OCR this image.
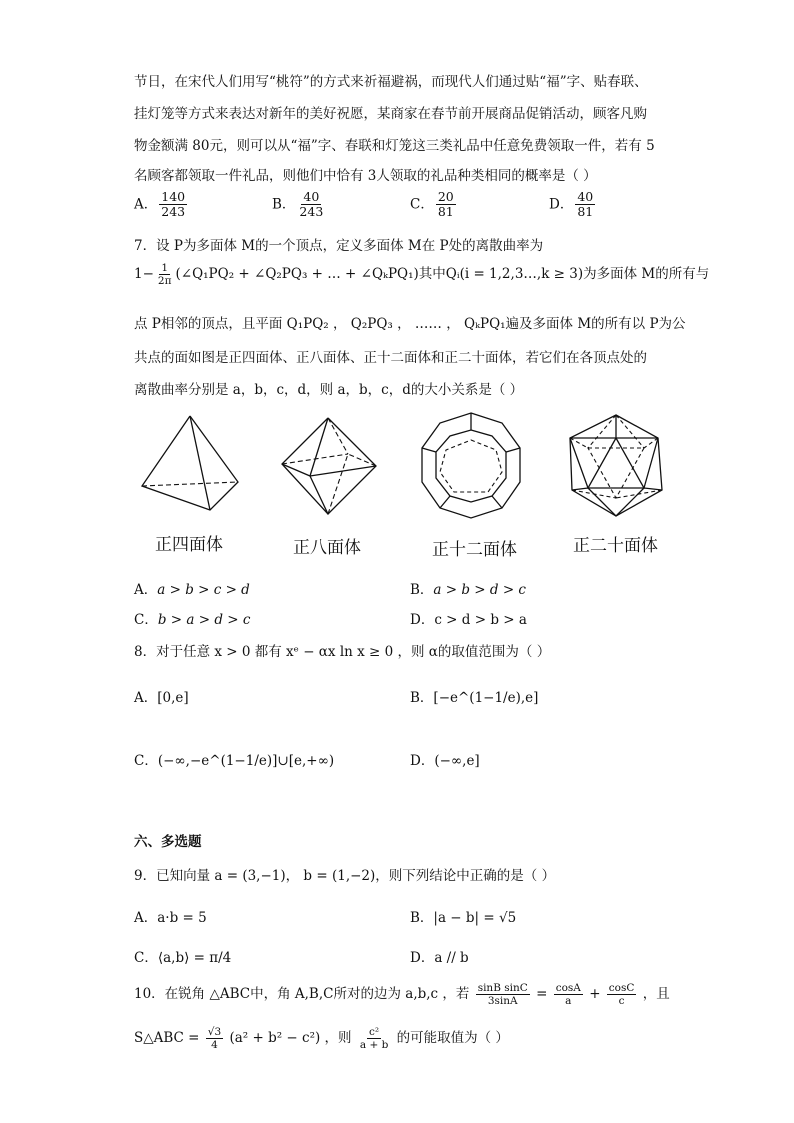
节日，在宋代人们用写“桃符”的方式来祈福避祸，而现代人们通过贴“福”字、贴春联、
挂灯笼等方式来表达对新年的美好祝愿，某商家在春节前开展商品促销活动，顾客凡购
物金额满 80元，则可以从“福”字、春联和灯笼这三类礼品中任意免费领取一件，若有 5
名顾客都领取一件礼品，则他们中恰有 3人领取的礼品种类相同的概率是（ ）
A． $\frac{140}{243}$	B． $\frac{40}{243}$	C． $\frac{20}{81}$	D． $\frac{40}{81}$
7．设 P为多面体 M的一个顶点，定义多面体 M在 P处的离散曲率为
$1- \frac{1}{2\pi}$ (∠Q₁PQ₂ + ∠Q₂PQ₃ + … + ∠QₖPQ₁)其中Qᵢ(i = 1,2,3…,k ≥ 3)为多面体 M的所有与
点 P相邻的顶点，且平面 Q₁PQ₂ ， Q₂PQ₃ ， …… ， QₖPQ₁遍及多面体 M的所有以 P为公
共点的面如图是正四面体、正八面体、正十二面体和正二十面体，若它们在各顶点处的
离散曲率分别是 a，b，c，d，则 a，b，c，d的大小关系是（ ）
正四面体	正八面体	正十二面体	正二十面体
A．a > b > c > d	B．a > b > d > c
C．b > a > d > c	D．c > d > b > a
8．对于任意 x > 0 都有 xᵉ − αx ln x ≥ 0 ，则 α的取值范围为（ ）
A．[0,e]	B．[−e^(1−1/e),e]
C．(−∞,−e^(1−1/e)]∪[e,+∞)	D．(−∞,e]
六、多选题
9．已知向量 a = (3,−1)， b = (1,−2)，则下列结论中正确的是（ ）
A．a·b = 5	B．|a − b| = √5
C．⟨a,b⟩ = π/4	D．a // b
10．在锐角 △ABC中，角 A,B,C所对的边为 a,b,c ，若 $\frac{\text{sinB sinC}}{3\sin A} = \frac{\cos A}{a} + \frac{\cos C}{c}$ ，且
S△ABC = $\frac{√3}{4} (a^2 + b^2 - c^2)$ ，则 $\frac{\text{c²}}{a + b}$ 的可能取值为（ ）
